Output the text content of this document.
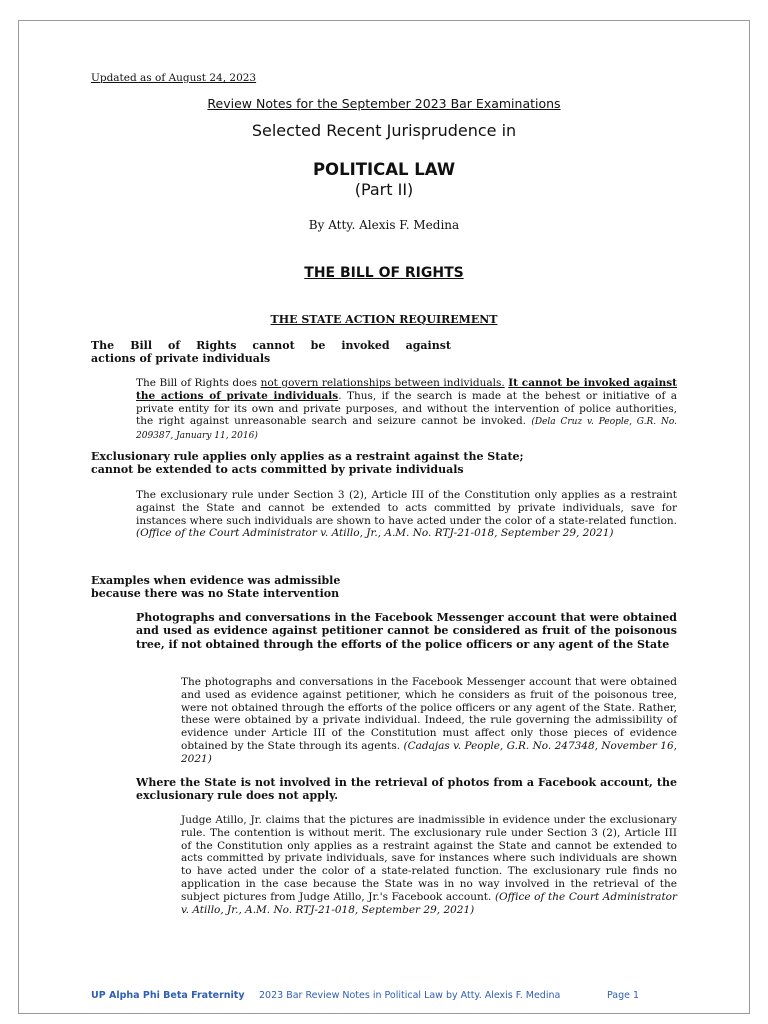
Updated as of August 24, 2023
Review Notes for the September 2023 Bar Examinations
Selected Recent Jurisprudence in
POLITICAL LAW
(Part II)
By Atty. Alexis F. Medina
THE BILL OF RIGHTS
THE STATE ACTION REQUIREMENT
The Bill of Rights cannot be invoked against
actions of private individuals
The Bill of Rights does not govern relationships between individuals. It cannot be invoked against the actions of private individuals. Thus, if the search is made at the behest or initiative of a private entity for its own and private purposes, and without the intervention of police authorities, the right against unreasonable search and seizure cannot be invoked. (Dela Cruz v. People, G.R. No. 209387, January 11, 2016)
Exclusionary rule applies only applies as a restraint against the State;
cannot be extended to acts committed by private individuals
The exclusionary rule under Section 3 (2), Article III of the Constitution only applies as a restraint against the State and cannot be extended to acts committed by private individuals, save for instances where such individuals are shown to have acted under the color of a state-related function. (Office of the Court Administrator v. Atillo, Jr., A.M. No. RTJ-21-018, September 29, 2021)
Examples when evidence was admissible
because there was no State intervention
Photographs and conversations in the Facebook Messenger account that were obtained and used as evidence against petitioner cannot be considered as fruit of the poisonous tree, if not obtained through the efforts of the police officers or any agent of the State
The photographs and conversations in the Facebook Messenger account that were obtained and used as evidence against petitioner, which he considers as fruit of the poisonous tree, were not obtained through the efforts of the police officers or any agent of the State. Rather, these were obtained by a private individual. Indeed, the rule governing the admissibility of evidence under Article III of the Constitution must affect only those pieces of evidence obtained by the State through its agents. (Cadajas v. People, G.R. No. 247348, November 16, 2021)
Where the State is not involved in the retrieval of photos from a Facebook account, the exclusionary rule does not apply.
Judge Atillo, Jr. claims that the pictures are inadmissible in evidence under the exclusionary rule. The contention is without merit. The exclusionary rule under Section 3 (2), Article III of the Constitution only applies as a restraint against the State and cannot be extended to acts committed by private individuals, save for instances where such individuals are shown to have acted under the color of a state-related function. The exclusionary rule finds no application in the case because the State was in no way involved in the retrieval of the subject pictures from Judge Atillo, Jr.'s Facebook account. (Office of the Court Administrator v. Atillo, Jr., A.M. No. RTJ-21-018, September 29, 2021)
UP Alpha Phi Beta Fraternity 2023 Bar Review Notes in Political Law by Atty. Alexis F. Medina	Page 1
